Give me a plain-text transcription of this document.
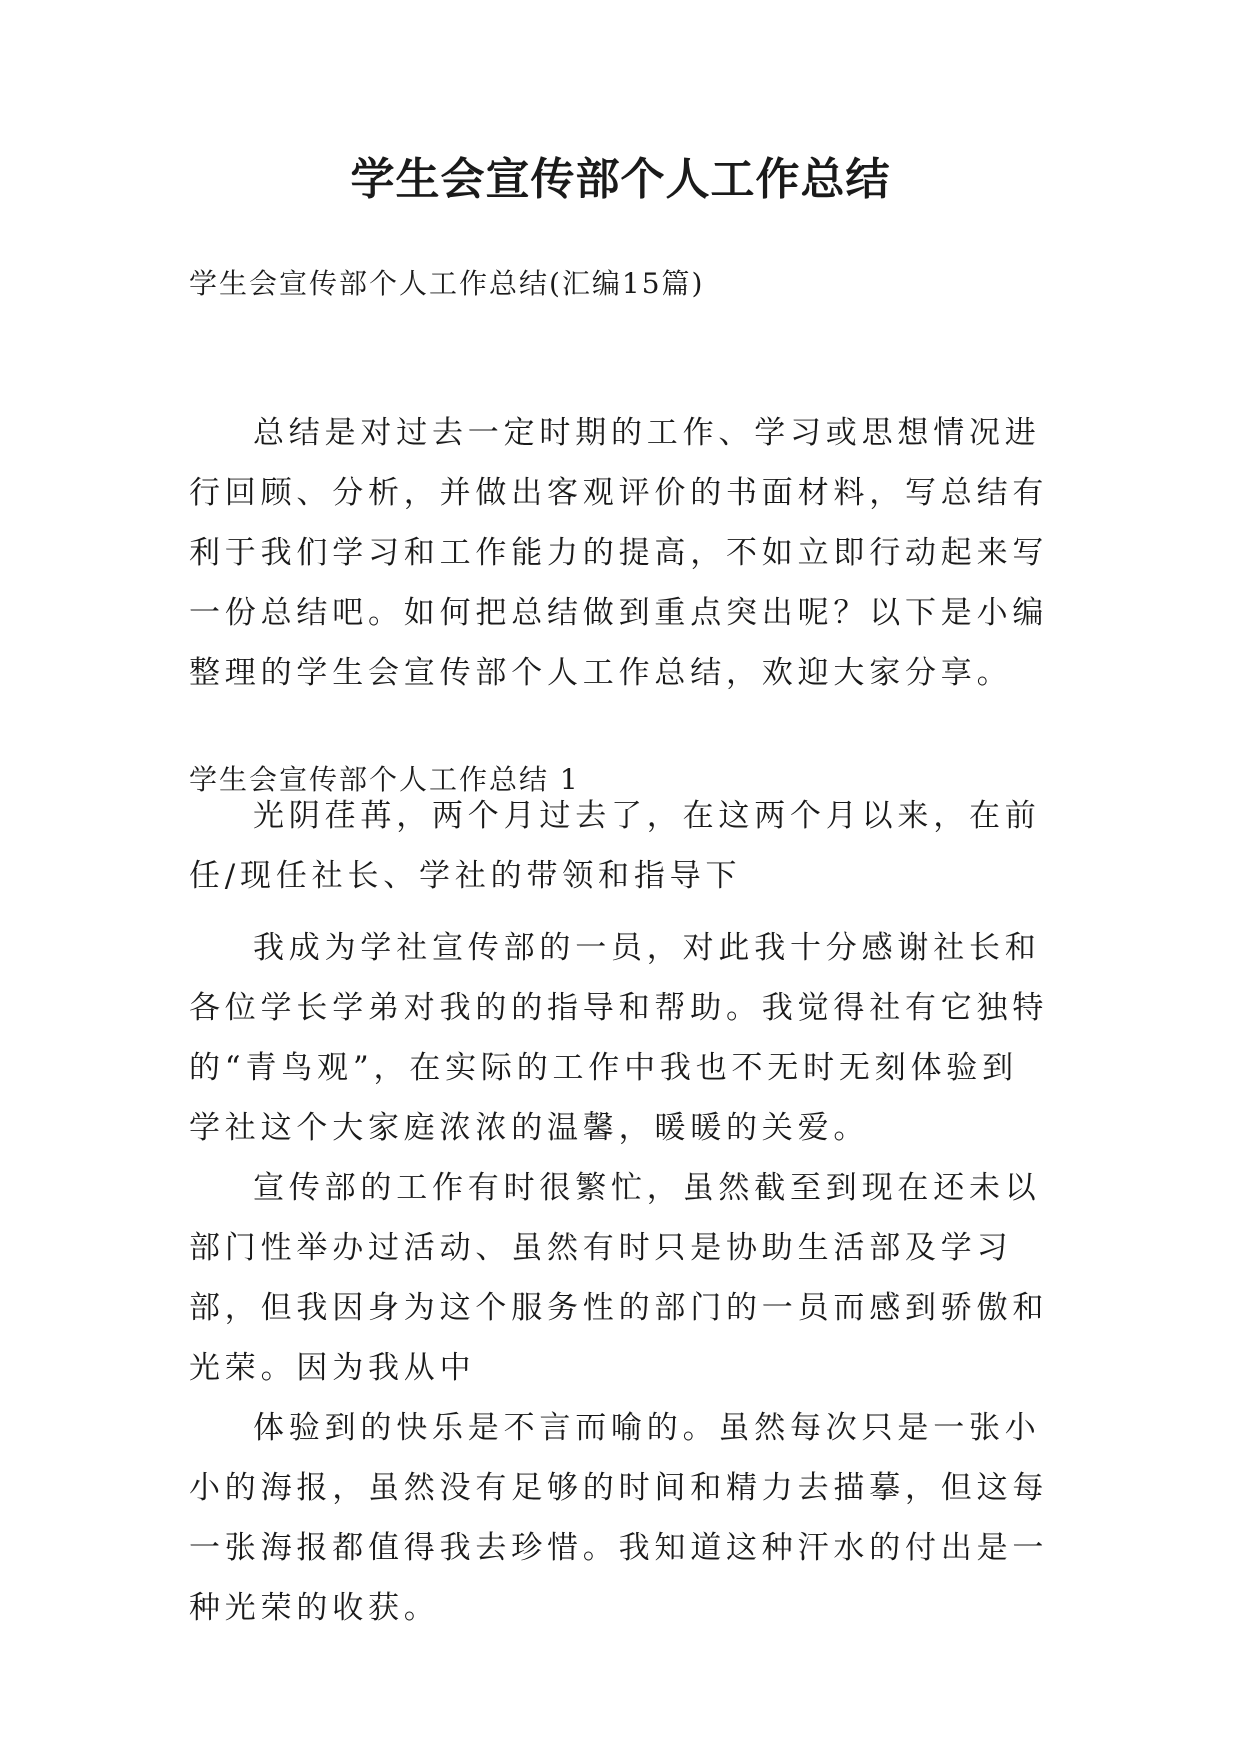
学生会宣传部个人工作总结

学生会宣传部个人工作总结(汇编15篇)

总结是对过去一定时期的工作、学习或思想情况进行回顾、分析，并做出客观评价的书面材料，写总结有利于我们学习和工作能力的提高，不如立即行动起来写一份总结吧。如何把总结做到重点突出呢？以下是小编整理的学生会宣传部个人工作总结，欢迎大家分享。

学生会宣传部个人工作总结 1

光阴荏苒，两个月过去了，在这两个月以来，在前任/现任社长、学社的带领和指导下

我成为学社宣传部的一员，对此我十分感谢社长和各位学长学弟对我的的指导和帮助。我觉得社有它独特的“青鸟观”，在实际的工作中我也不无时无刻体验到学社这个大家庭浓浓的温馨，暖暖的关爱。

宣传部的工作有时很繁忙，虽然截至到现在还未以部门性举办过活动、虽然有时只是协助生活部及学习部，但我因身为这个服务性的部门的一员而感到骄傲和光荣。因为我从中

体验到的快乐是不言而喻的。虽然每次只是一张小小的海报，虽然没有足够的时间和精力去描摹，但这每一张海报都值得我去珍惜。我知道这种汗水的付出是一种光荣的收获。
